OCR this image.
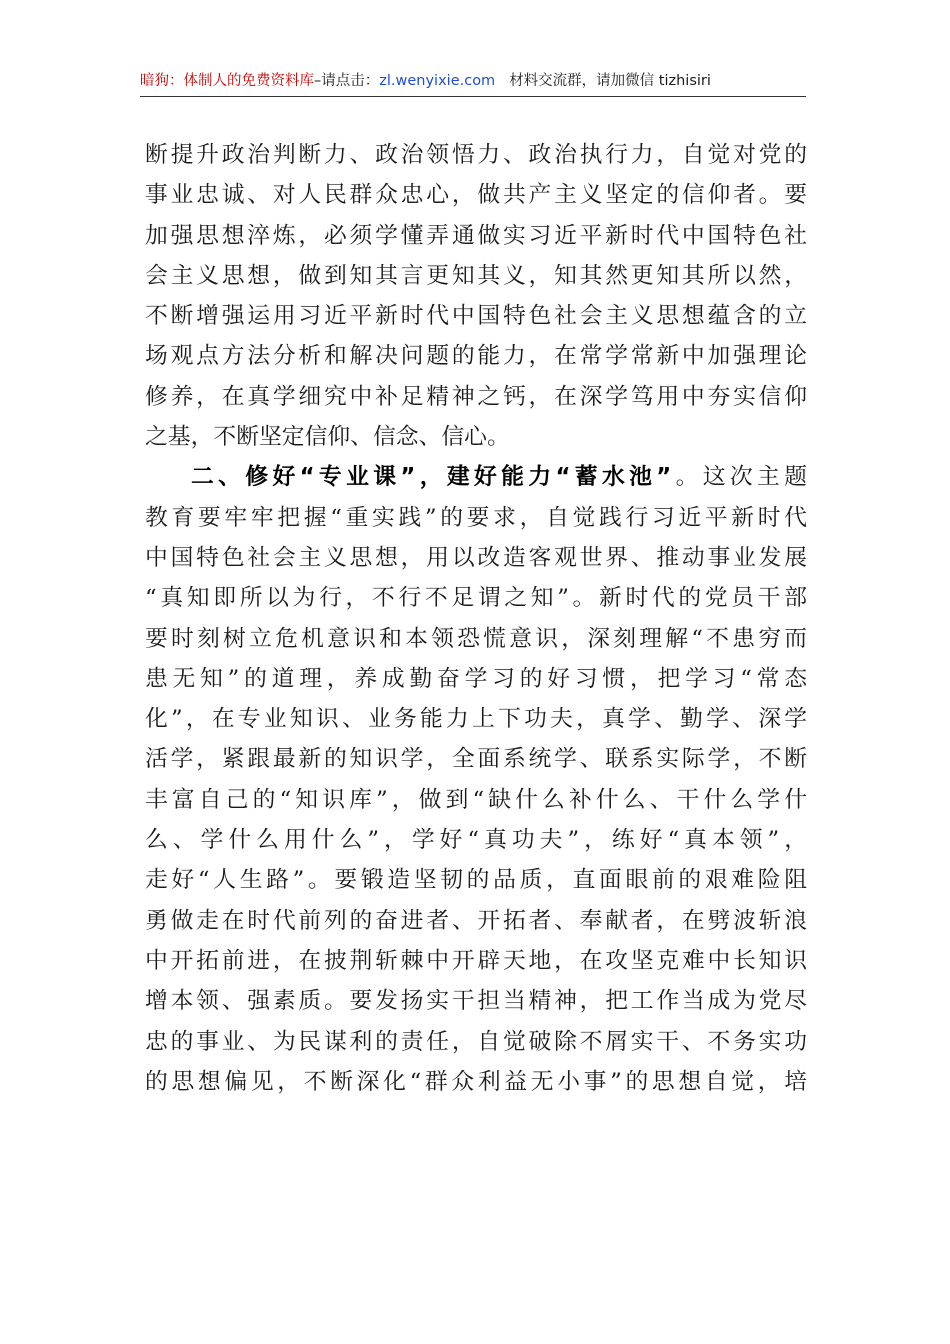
暗狗：体制人的免费资料库–请点击：zl.wenyixie.com 材料交流群，请加微信 tizhisiri
断提升政治判断力、政治领悟力、政治执行力，自觉对党的
事业忠诚、对人民群众忠心，做共产主义坚定的信仰者。要
加强思想淬炼，必须学懂弄通做实习近平新时代中国特色社
会主义思想，做到知其言更知其义，知其然更知其所以然，
不断增强运用习近平新时代中国特色社会主义思想蕴含的立
场观点方法分析和解决问题的能力，在常学常新中加强理论
修养，在真学细究中补足精神之钙，在深学笃用中夯实信仰
之基，不断坚定信仰、信念、信心。
二、修好“专业课”，建好能力“蓄水池”。这次主题
教育要牢牢把握“重实践”的要求，自觉践行习近平新时代
中国特色社会主义思想，用以改造客观世界、推动事业发展
“真知即所以为行，不行不足谓之知”。新时代的党员干部
要时刻树立危机意识和本领恐慌意识，深刻理解“不患穷而
患无知”的道理，养成勤奋学习的好习惯，把学习“常态
化”，在专业知识、业务能力上下功夫，真学、勤学、深学
活学，紧跟最新的知识学，全面系统学、联系实际学，不断
丰富自己的“知识库”，做到“缺什么补什么、干什么学什
么、学什么用什么”，学好“真功夫”，练好“真本领”，
走好“人生路”。要锻造坚韧的品质，直面眼前的艰难险阻
勇做走在时代前列的奋进者、开拓者、奉献者，在劈波斩浪
中开拓前进，在披荆斩棘中开辟天地，在攻坚克难中长知识
增本领、强素质。要发扬实干担当精神，把工作当成为党尽
忠的事业、为民谋利的责任，自觉破除不屑实干、不务实功
的思想偏见，不断深化“群众利益无小事”的思想自觉，培
